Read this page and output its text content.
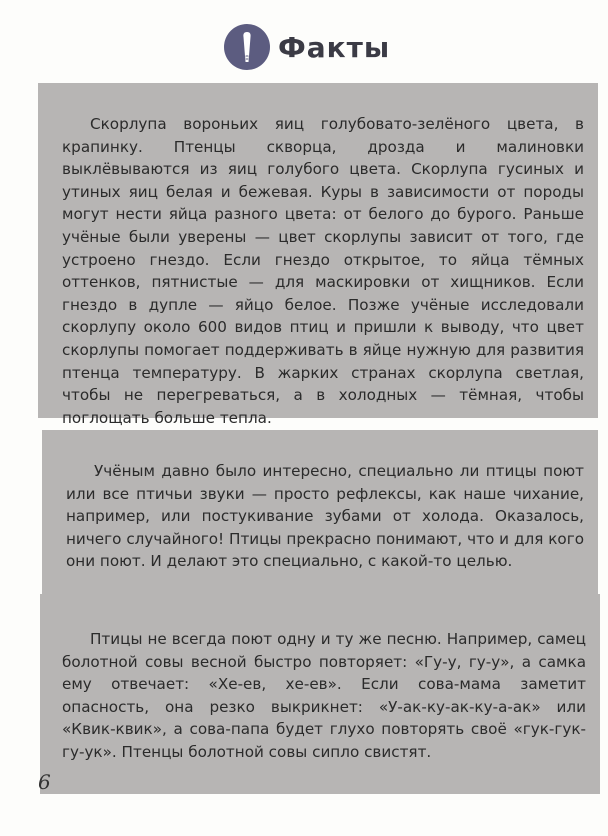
Факты

Скорлупа вороньих яиц голубовато-зелёного цвета, в крапинку. Птенцы скворца, дрозда и малиновки выклёвываются из яиц голубого цвета. Скорлупа гусиных и утиных яиц белая и бежевая. Куры в зависимости от породы могут нести яйца разного цвета: от белого до бурого. Раньше учёные были уверены — цвет скорлупы зависит от того, где устроено гнездо. Если гнездо открытое, то яйца тёмных оттенков, пятнистые — для маскировки от хищников. Если гнездо в дупле — яйцо белое. Позже учёные исследовали скорлупу около 600 видов птиц и пришли к выводу, что цвет скорлупы помогает поддерживать в яйце нужную для развития птенца температуру. В жарких странах скорлупа светлая, чтобы не перегреваться, а в холодных — тёмная, чтобы поглощать больше тепла.

Учёным давно было интересно, специально ли птицы поют или все птичьи звуки — просто рефлексы, как наше чихание, например, или постукивание зубами от холода. Оказалось, ничего случайного! Птицы прекрасно понимают, что и для кого они поют. И делают это специально, с какой-то целью.

Птицы не всегда поют одну и ту же песню. Например, самец болотной совы весной быстро повторяет: «Гу-у, гу-у», а самка ему отвечает: «Хе-ев, хе-ев». Если сова-мама заметит опасность, она резко выкрикнет: «У-ак-ку-ак-ку-а-ак» или «Квик-квик», а сова-папа будет глухо повторять своё «гук-гук-гу-ук». Птенцы болотной совы сипло свистят.

6
